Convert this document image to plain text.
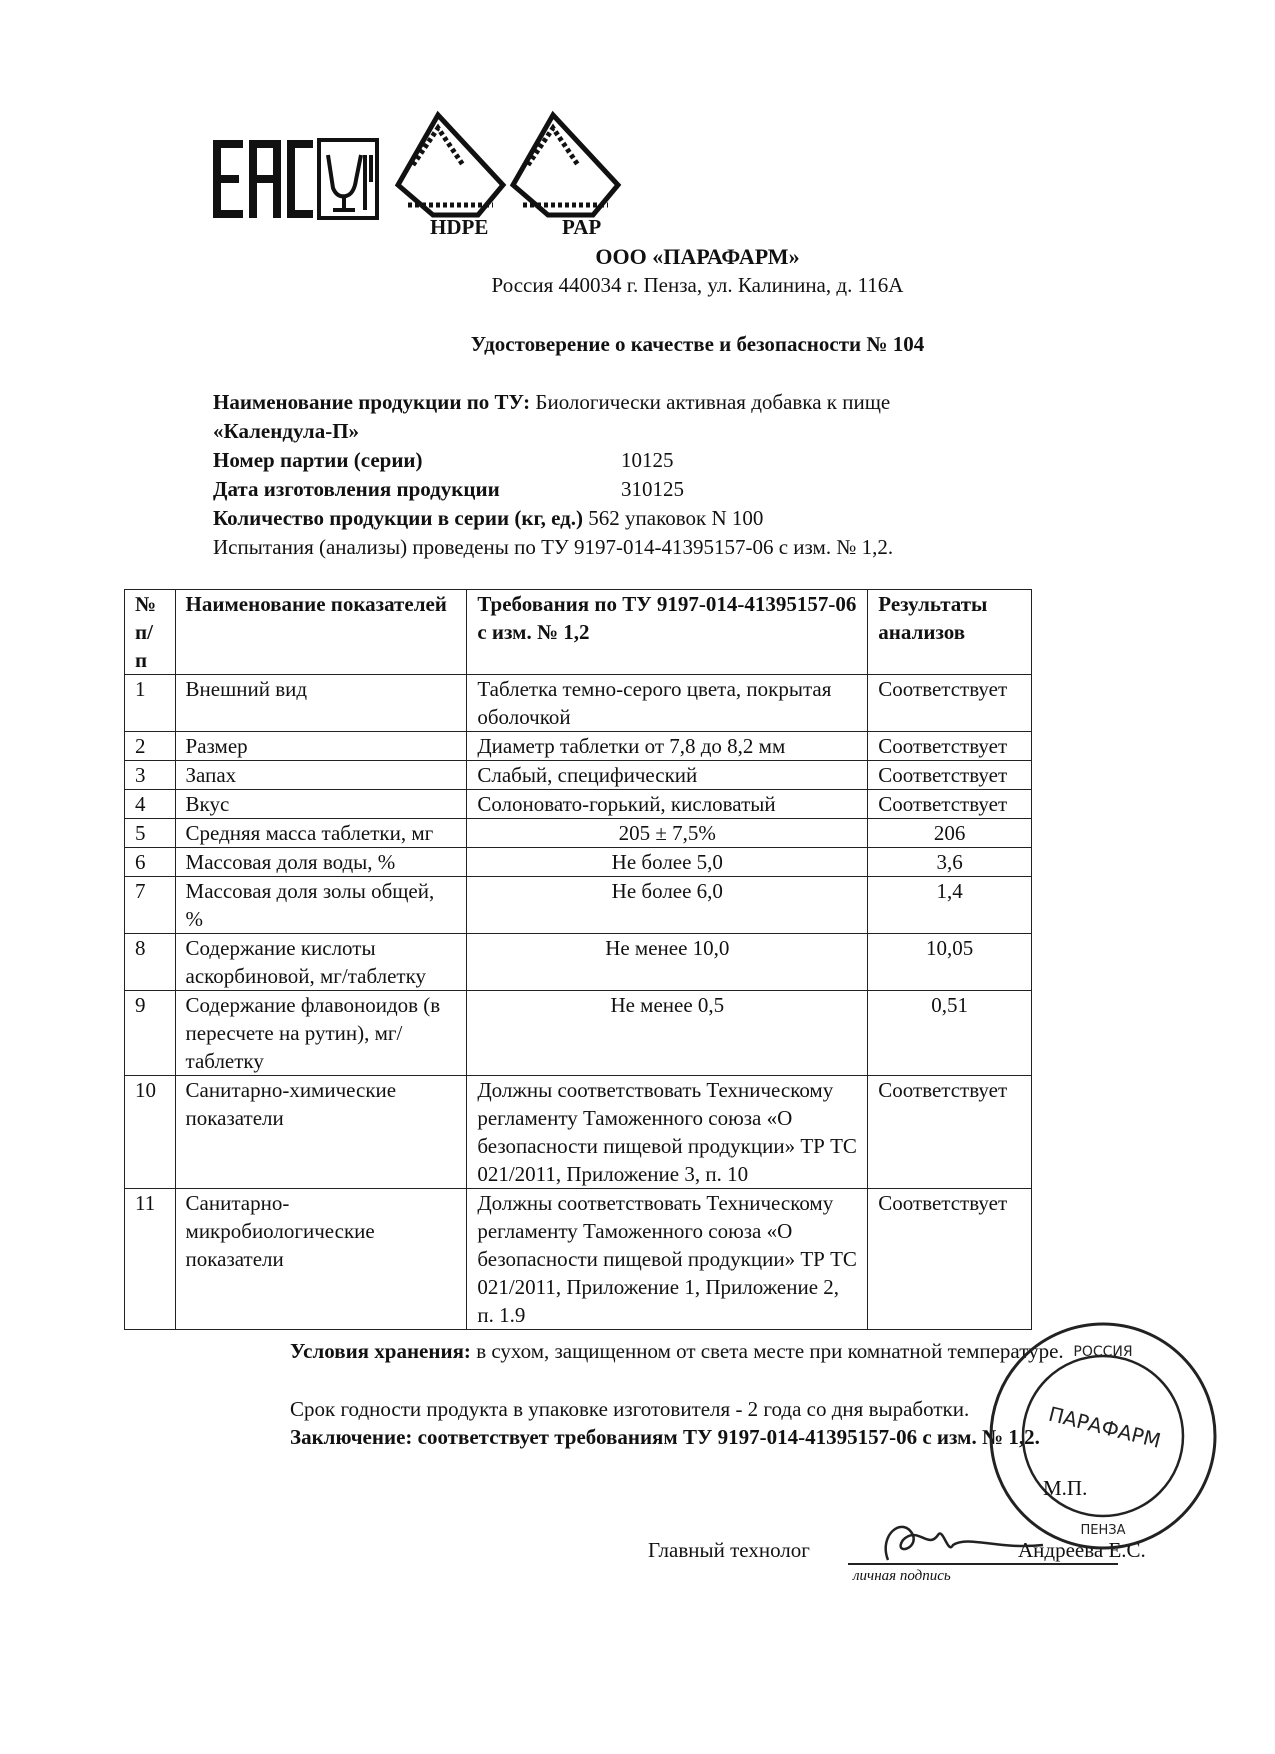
HDPE	PAP
ООО «ПАРАФАРМ»
Россия 440034 г. Пенза, ул. Калинина, д. 116А
Удостоверение о качестве и безопасности № 104
Наименование продукции по ТУ: Биологически активная добавка к пище
«Календула-П»
Номер партии (серии)	10125
Дата изготовления продукции	310125
Количество продукции в серии (кг, ед.) 562 упаковок N 100
Испытания (анализы) проведены по ТУ 9197-014-41395157-06 с изм. № 1,2.
№ п/п	Наименование показателей	Требования по ТУ 9197-014-41395157-06 с изм. № 1,2	Результаты анализов
1	Внешний вид	Таблетка темно-серого цвета, покрытая оболочкой	Соответствует
2	Размер	Диаметр таблетки от 7,8 до 8,2 мм	Соответствует
3	Запах	Слабый, специфический	Соответствует
4	Вкус	Солоновато-горький, кисловатый	Соответствует
5	Средняя масса таблетки, мг	205 ± 7,5%	206
6	Массовая доля воды, %	Не более 5,0	3,6
7	Массовая доля золы общей, %	Не более 6,0	1,4
8	Содержание кислоты аскорбиновой, мг/таблетку	Не менее 10,0	10,05
9	Содержание флавоноидов (в пересчете на рутин), мг/таблетку	Не менее 0,5	0,51
10	Санитарно-химические показатели	Должны соответствовать Техническому регламенту Таможенного союза «О безопасности пищевой продукции» ТР ТС 021/2011, Приложение 3, п. 10	Соответствует
11	Санитарно-микробиологические показатели	Должны соответствовать Техническому регламенту Таможенного союза «О безопасности пищевой продукции» ТР ТС 021/2011, Приложение 1, Приложение 2, п. 1.9	Соответствует
Условия хранения: в сухом, защищенном от света месте при комнатной температуре.
Срок годности продукта в упаковке изготовителя - 2 года со дня выработки.
Заключение: соответствует требованиям ТУ 9197-014-41395157-06 с изм. № 1,2.
Главный технолог	Андреева Е.С.
личная подпись
РОССИЯ
ПАРАФАРМ
ПЕНЗА
М.П.
